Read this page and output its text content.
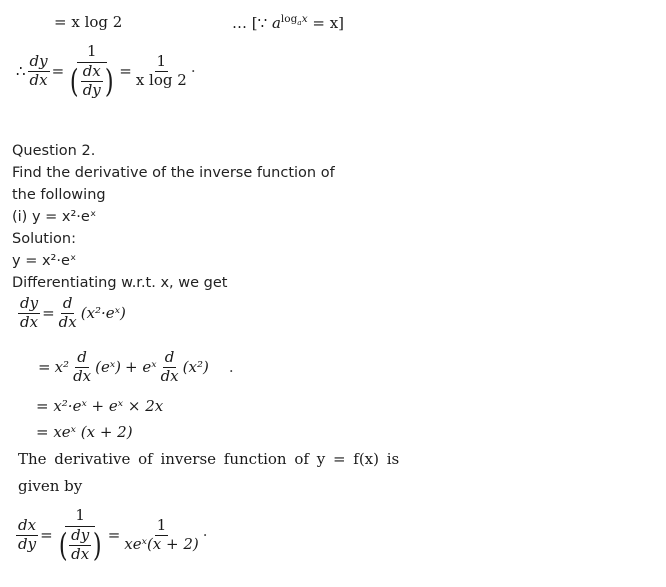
= x log 2	… [∵ $a^{log_ax} = x$]
∴ $\frac{dy}{dx} = \frac{1}{( \frac{dx}{dy} )} = \frac{1}{\text{x log 2}}$ ·
Question 2.
Find the derivative of the inverse function of
the following
(i) y = x²·eˣ
Solution:
y = x²·eˣ
Differentiating w.r.t. x, we get
$\frac{dy}{dx} = \frac{d}{dx}$ (x²·eˣ)
= $x^2 \frac{d}{dx}$ (eˣ) + eˣ $\frac{d}{dx} (x^2)$ .
= x²·eˣ + eˣ × 2x
= xeˣ (x + 2)
The derivative of inverse function of y = f(x) is
given by
$\frac{dx}{dy} = \frac{1}{( \frac{dy}{dx} )} = \frac{1}{\text{xeˣ(x + 2)}}$ ·
